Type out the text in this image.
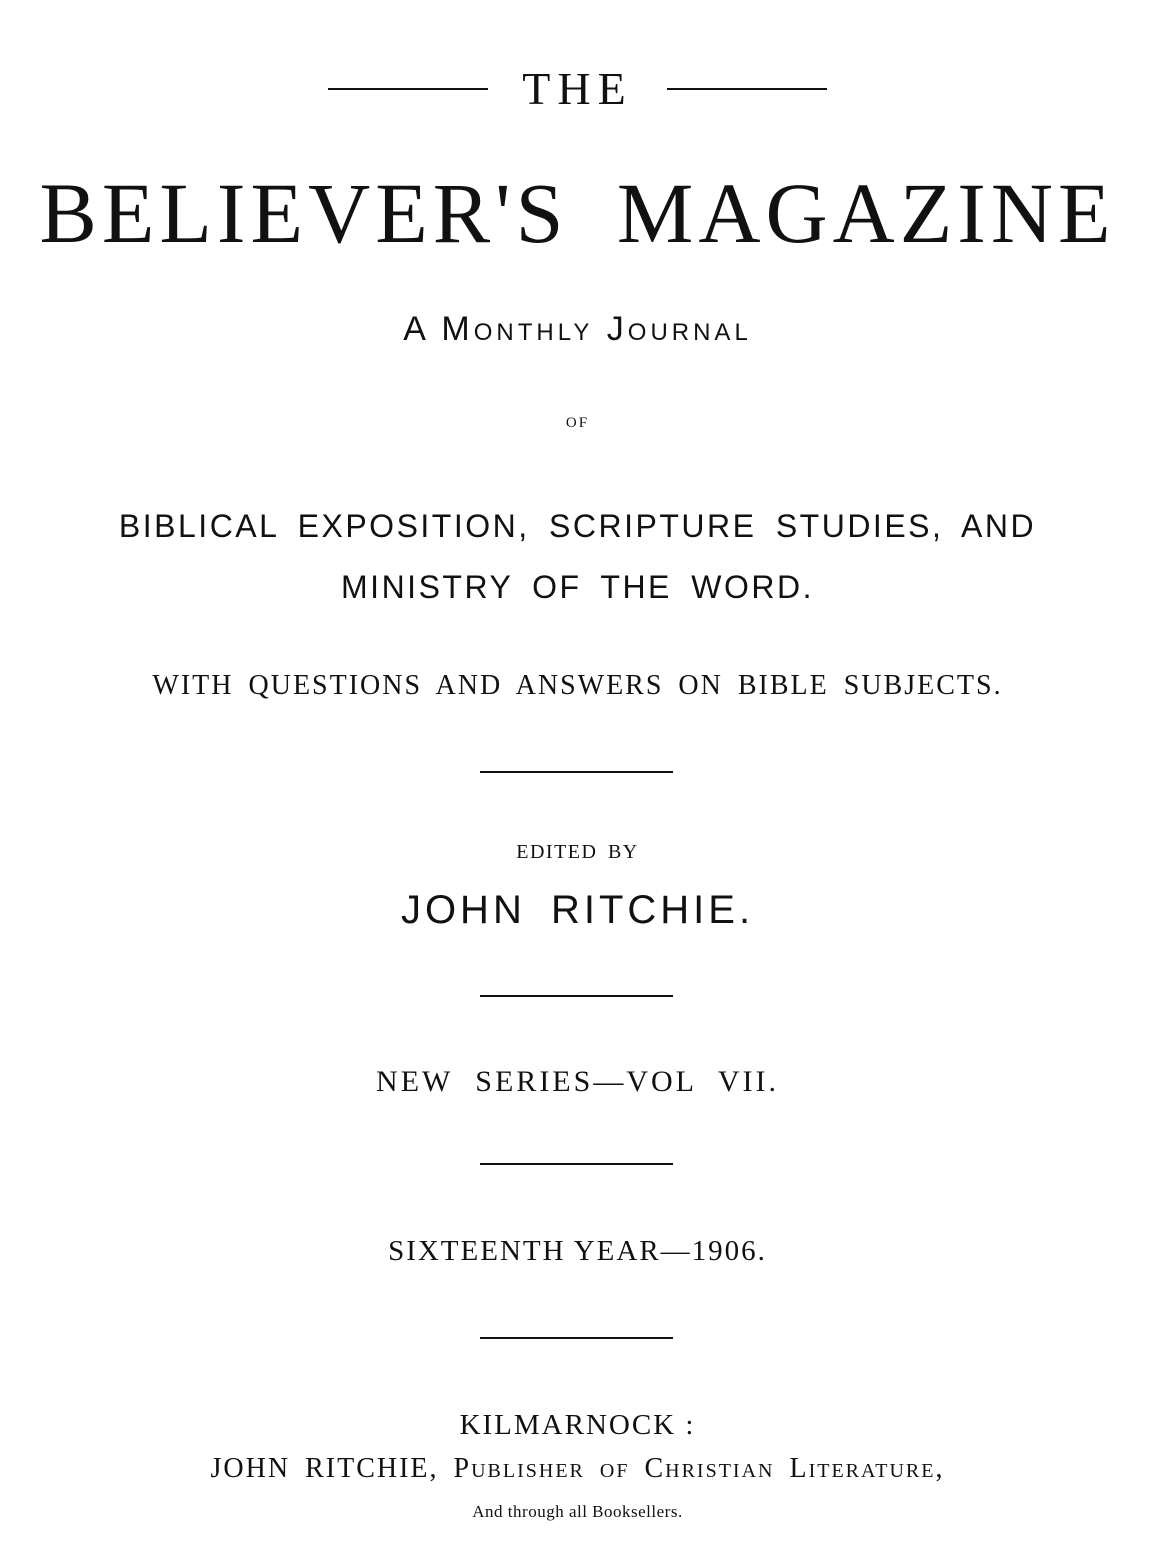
THE
BELIEVER'S MAGAZINE
A Monthly Journal
OF
BIBLICAL EXPOSITION, SCRIPTURE STUDIES, AND
MINISTRY OF THE WORD.
WITH QUESTIONS AND ANSWERS ON BIBLE SUBJECTS.
EDITED BY
JOHN RITCHIE.
NEW SERIES—VOL VII.
SIXTEENTH YEAR—1906.
KILMARNOCK :
JOHN RITCHIE, Publisher of Christian Literature,
And through all Booksellers.
